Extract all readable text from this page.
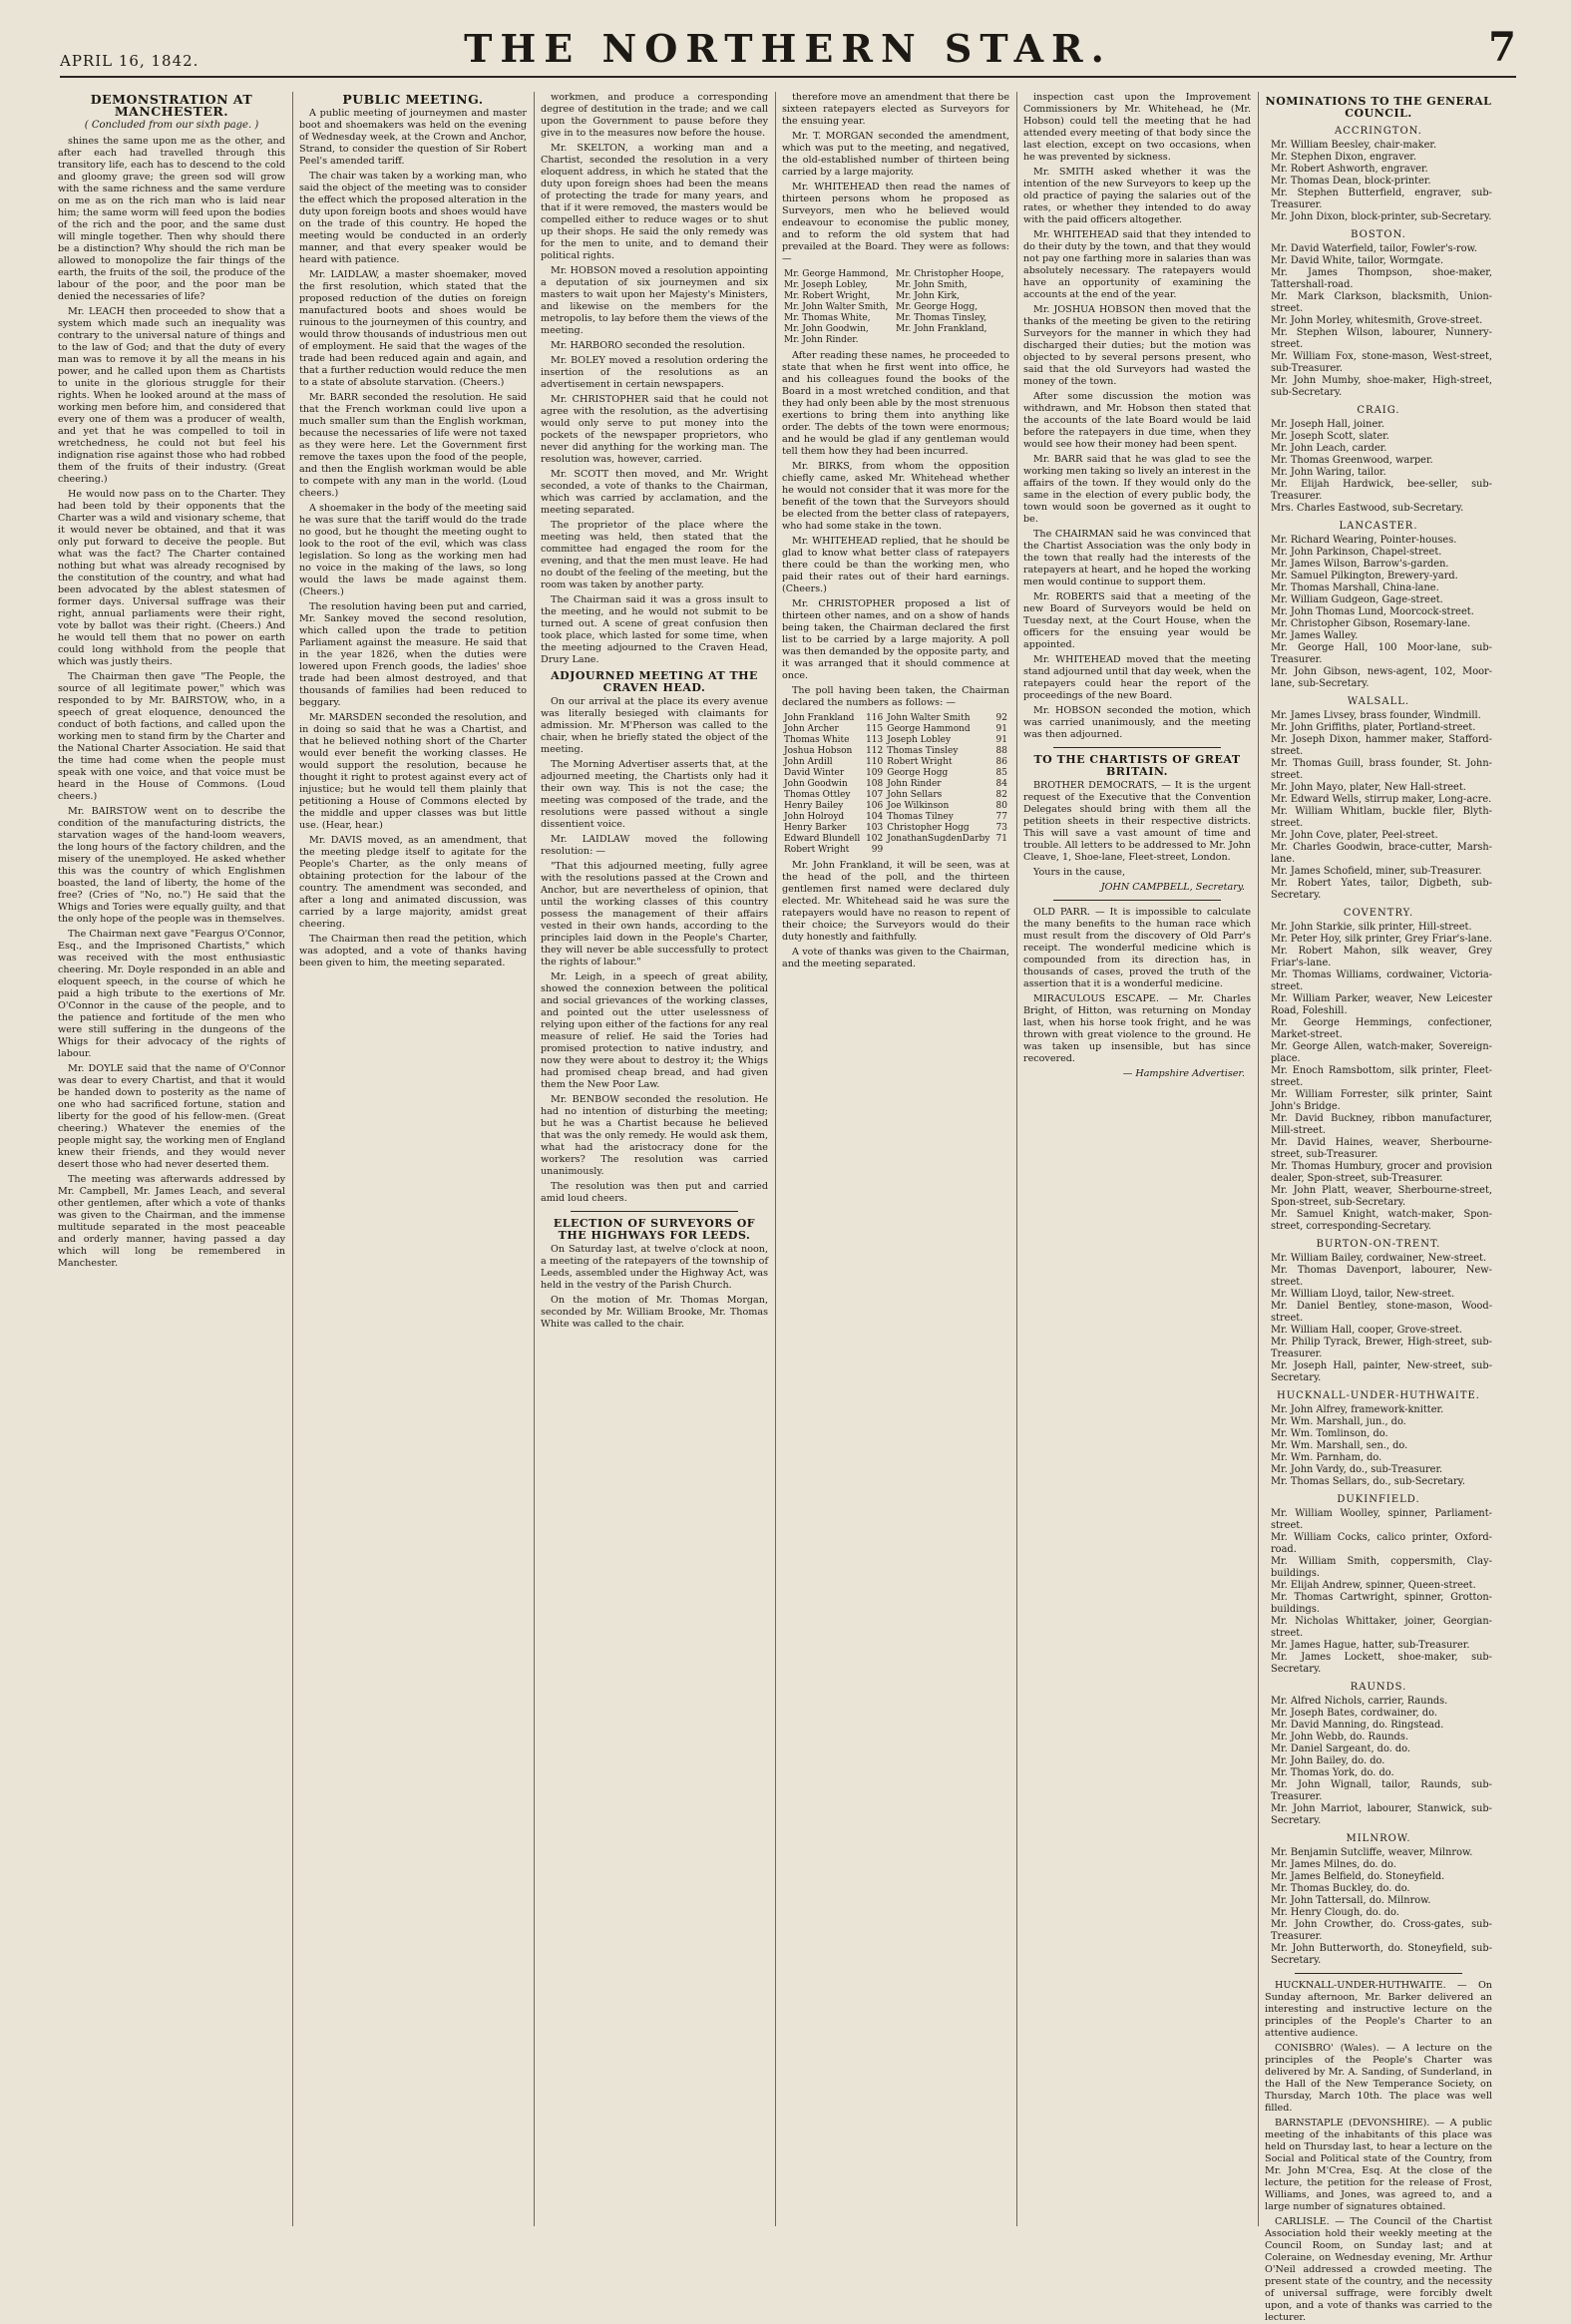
APRIL 16, 1842.	THE NORTHERN STAR.	7
DEMONSTRATION AT MANCHESTER.
( Concluded from our sixth page. )

shines the same upon me as the other, and after each had travelled through this transitory life, each has to descend to the cold and gloomy grave; the green sod will grow with the same richness and the same verdure on me as on the rich man who is laid near him; the same worm will feed upon the bodies of the rich and the poor, and the same dust will mingle together. Then why should there be a distinction? Why should the rich man be allowed to monopolize the fair things of the earth, the fruits of the soil, the produce of the labour of the poor, and the poor man be denied the necessaries of life?

Mr. LEACH then proceeded to show that a system which made such an inequality was contrary to the universal nature of things and to the law of God; and that the duty of every man was to remove it by all the means in his power, and he called upon them as Chartists to unite in the glorious struggle for their rights. When he looked around at the mass of working men before him, and considered that every one of them was a producer of wealth, and yet that he was compelled to toil in wretchedness, he could not but feel his indignation rise against those who had robbed them of the fruits of their industry. (Great cheering.)

He would now pass on to the Charter. They had been told by their opponents that the Charter was a wild and visionary scheme, that it would never be obtained, and that it was only put forward to deceive the people. But what was the fact? The Charter contained nothing but what was already recognised by the constitution of the country, and what had been advocated by the ablest statesmen of former days. Universal suffrage was their right, annual parliaments were their right, vote by ballot was their right. (Cheers.) And he would tell them that no power on earth could long withhold from the people that which was justly theirs.

The Chairman then gave "The People, the source of all legitimate power," which was responded to by Mr. BAIRSTOW, who, in a speech of great eloquence, denounced the conduct of both factions, and called upon the working men to stand firm by the Charter and the National Charter Association. He said that the time had come when the people must speak with one voice, and that voice must be heard in the House of Commons. (Loud cheers.)

Mr. BAIRSTOW went on to describe the condition of the manufacturing districts, the starvation wages of the hand-loom weavers, the long hours of the factory children, and the misery of the unemployed. He asked whether this was the country of which Englishmen boasted, the land of liberty, the home of the free? (Cries of "No, no.") He said that the Whigs and Tories were equally guilty, and that the only hope of the people was in themselves.

The Chairman next gave "Feargus O'Connor, Esq., and the Imprisoned Chartists," which was received with the most enthusiastic cheering. Mr. Doyle responded in an able and eloquent speech, in the course of which he paid a high tribute to the exertions of Mr. O'Connor in the cause of the people, and to the patience and fortitude of the men who were still suffering in the dungeons of the Whigs for their advocacy of the rights of labour.

Mr. DOYLE said that the name of O'Connor was dear to every Chartist, and that it would be handed down to posterity as the name of one who had sacrificed fortune, station and liberty for the good of his fellow-men. (Great cheering.) Whatever the enemies of the people might say, the working men of England knew their friends, and they would never desert those who had never deserted them.

The meeting was afterwards addressed by Mr. Campbell, Mr. James Leach, and several other gentlemen, after which a vote of thanks was given to the Chairman, and the immense multitude separated in the most peaceable and orderly manner, having passed a day which will long be remembered in Manchester.

PUBLIC MEETING.

A public meeting of journeymen and master boot and shoemakers was held on the evening of Wednesday week, at the Crown and Anchor, Strand, to consider the question of Sir Robert Peel's amended tariff.

The chair was taken by a working man, who said the object of the meeting was to consider the effect which the proposed alteration in the duty upon foreign boots and shoes would have on the trade of this country. He hoped the meeting would be conducted in an orderly manner, and that every speaker would be heard with patience.

Mr. LAIDLAW, a master shoemaker, moved the first resolution, which stated that the proposed reduction of the duties on foreign manufactured boots and shoes would be ruinous to the journeymen of this country, and would throw thousands of industrious men out of employment. He said that the wages of the trade had been reduced again and again, and that a further reduction would reduce the men to a state of absolute starvation. (Cheers.)

Mr. BARR seconded the resolution. He said that the French workman could live upon a much smaller sum than the English workman, because the necessaries of life were not taxed as they were here. Let the Government first remove the taxes upon the food of the people, and then the English workman would be able to compete with any man in the world. (Loud cheers.)

A shoemaker in the body of the meeting said he was sure that the tariff would do the trade no good, but he thought the meeting ought to look to the root of the evil, which was class legislation. So long as the working men had no voice in the making of the laws, so long would the laws be made against them. (Cheers.)

The resolution having been put and carried, Mr. Sankey moved the second resolution, which called upon the trade to petition Parliament against the measure. He said that in the year 1826, when the duties were lowered upon French goods, the ladies' shoe trade had been almost destroyed, and that thousands of families had been reduced to beggary.

Mr. MARSDEN seconded the resolution, and in doing so said that he was a Chartist, and that he believed nothing short of the Charter would ever benefit the working classes. He would support the resolution, because he thought it right to protest against every act of injustice; but he would tell them plainly that petitioning a House of Commons elected by the middle and upper classes was but little use. (Hear, hear.)

Mr. DAVIS moved, as an amendment, that the meeting pledge itself to agitate for the People's Charter, as the only means of obtaining protection for the labour of the country. The amendment was seconded, and after a long and animated discussion, was carried by a large majority, amidst great cheering.

The Chairman then read the petition, which was adopted, and a vote of thanks having been given to him, the meeting separated.

workmen, and produce a corresponding degree of destitution in the trade; and we call upon the Government to pause before they give in to the measures now before the house.

Mr. SKELTON, a working man and a Chartist, seconded the resolution in a very eloquent address, in which he stated that the duty upon foreign shoes had been the means of protecting the trade for many years, and that if it were removed, the masters would be compelled either to reduce wages or to shut up their shops. He said the only remedy was for the men to unite, and to demand their political rights.

Mr. HOBSON moved a resolution appointing a deputation of six journeymen and six masters to wait upon her Majesty's Ministers, and likewise on the members for the metropolis, to lay before them the views of the meeting.

Mr. HARBORO seconded the resolution.

Mr. BOLEY moved a resolution ordering the insertion of the resolutions as an advertisement in certain newspapers.

Mr. CHRISTOPHER said that he could not agree with the resolution, as the advertising would only serve to put money into the pockets of the newspaper proprietors, who never did anything for the working man. The resolution was, however, carried.

Mr. SCOTT then moved, and Mr. Wright seconded, a vote of thanks to the Chairman, which was carried by acclamation, and the meeting separated.

The proprietor of the place where the meeting was held, then stated that the committee had engaged the room for the evening, and that the men must leave. He had no doubt of the feeling of the meeting, but the room was taken by another party.

The Chairman said it was a gross insult to the meeting, and he would not submit to be turned out. A scene of great confusion then took place, which lasted for some time, when the meeting adjourned to the Craven Head, Drury Lane.

ADJOURNED MEETING AT THE CRAVEN HEAD.

On our arrival at the place its every avenue was literally besieged with claimants for admission. Mr. M'Pherson was called to the chair, when he briefly stated the object of the meeting.

The Morning Advertiser asserts that, at the adjourned meeting, the Chartists only had it their own way. This is not the case; the meeting was composed of the trade, and the resolutions were passed without a single dissentient voice.

Mr. LAIDLAW moved the following resolution: —

"That this adjourned meeting, fully agree with the resolutions passed at the Crown and Anchor, but are nevertheless of opinion, that until the working classes of this country possess the management of their affairs vested in their own hands, according to the principles laid down in the People's Charter, they will never be able successfully to protect the rights of labour."

Mr. Leigh, in a speech of great ability, showed the connexion between the political and social grievances of the working classes, and pointed out the utter uselessness of relying upon either of the factions for any real measure of relief. He said the Tories had promised protection to native industry, and now they were about to destroy it; the Whigs had promised cheap bread, and had given them the New Poor Law.

Mr. BENBOW seconded the resolution. He had no intention of disturbing the meeting; but he was a Chartist because he believed that was the only remedy. He would ask them, what had the aristocracy done for the workers? The resolution was carried unanimously.

The resolution was then put and carried amid loud cheers.

ELECTION OF SURVEYORS OF THE HIGHWAYS FOR LEEDS.

On Saturday last, at twelve o'clock at noon, a meeting of the ratepayers of the township of Leeds, assembled under the Highway Act, was held in the vestry of the Parish Church.

On the motion of Mr. Thomas Morgan, seconded by Mr. William Brooke, Mr. Thomas White was called to the chair.

therefore move an amendment that there be sixteen ratepayers elected as Surveyors for the ensuing year.

Mr. T. MORGAN seconded the amendment, which was put to the meeting, and negatived, the old-established number of thirteen being carried by a large majority.

Mr. WHITEHEAD then read the names of thirteen persons whom he proposed as Surveyors, men who he believed would endeavour to economise the public money, and to reform the old system that had prevailed at the Board. They were as follows: —

Mr. George Hammond,	Mr. Christopher Hoope,
Mr. Joseph Lobley,	Mr. John Smith,
Mr. Robert Wright,	Mr. John Kirk,
Mr. John Walter Smith,	Mr. George Hogg,
Mr. Thomas White,	Mr. Thomas Tinsley,
Mr. John Goodwin,	Mr. John Frankland,
Mr. John Rinder.	

After reading these names, he proceeded to state that when he first went into office, he and his colleagues found the books of the Board in a most wretched condition, and that they had only been able by the most strenuous exertions to bring them into anything like order. The debts of the town were enormous; and he would be glad if any gentleman would tell them how they had been incurred.

Mr. BIRKS, from whom the opposition chiefly came, asked Mr. Whitehead whether he would not consider that it was more for the benefit of the town that the Surveyors should be elected from the better class of ratepayers, who had some stake in the town.

Mr. WHITEHEAD replied, that he should be glad to know what better class of ratepayers there could be than the working men, who paid their rates out of their hard earnings. (Cheers.)

Mr. CHRISTOPHER proposed a list of thirteen other names, and on a show of hands being taken, the Chairman declared the first list to be carried by a large majority. A poll was then demanded by the opposite party, and it was arranged that it should commence at once.

The poll having been taken, the Chairman declared the numbers as follows: —

John Frankland	116	John Walter Smith	92
John Archer	115	George Hammond	91
Thomas White	113	Joseph Lobley	91
Joshua Hobson	112	Thomas Tinsley	88
John Ardill	110	Robert Wright	86
David Winter	109	George Hogg	85
John Goodwin	108	John Rinder	84
Thomas Ottley	107	John Sellars	82
Henry Bailey	106	Joe Wilkinson	80
John Holroyd	104	Thomas Tilney	77
Henry Barker	103	Christopher Hogg	73
Edward Blundell	102	JonathanSugdenDarby	71
Robert Wright	99		

Mr. John Frankland, it will be seen, was at the head of the poll, and the thirteen gentlemen first named were declared duly elected. Mr. Whitehead said he was sure the ratepayers would have no reason to repent of their choice; the Surveyors would do their duty honestly and faithfully.

A vote of thanks was given to the Chairman, and the meeting separated.

inspection cast upon the Improvement Commissioners by Mr. Whitehead, he (Mr. Hobson) could tell the meeting that he had attended every meeting of that body since the last election, except on two occasions, when he was prevented by sickness.

Mr. SMITH asked whether it was the intention of the new Surveyors to keep up the old practice of paying the salaries out of the rates, or whether they intended to do away with the paid officers altogether.

Mr. WHITEHEAD said that they intended to do their duty by the town, and that they would not pay one farthing more in salaries than was absolutely necessary. The ratepayers would have an opportunity of examining the accounts at the end of the year.

Mr. JOSHUA HOBSON then moved that the thanks of the meeting be given to the retiring Surveyors for the manner in which they had discharged their duties; but the motion was objected to by several persons present, who said that the old Surveyors had wasted the money of the town.

After some discussion the motion was withdrawn, and Mr. Hobson then stated that the accounts of the late Board would be laid before the ratepayers in due time, when they would see how their money had been spent.

Mr. BARR said that he was glad to see the working men taking so lively an interest in the affairs of the town. If they would only do the same in the election of every public body, the town would soon be governed as it ought to be.

The CHAIRMAN said he was convinced that the Chartist Association was the only body in the town that really had the interests of the ratepayers at heart, and he hoped the working men would continue to support them.

Mr. ROBERTS said that a meeting of the new Board of Surveyors would be held on Tuesday next, at the Court House, when the officers for the ensuing year would be appointed.

Mr. WHITEHEAD moved that the meeting stand adjourned until that day week, when the ratepayers could hear the report of the proceedings of the new Board.

Mr. HOBSON seconded the motion, which was carried unanimously, and the meeting was then adjourned.

TO THE CHARTISTS OF GREAT BRITAIN.

BROTHER DEMOCRATS, — It is the urgent request of the Executive that the Convention Delegates should bring with them all the petition sheets in their respective districts. This will save a vast amount of time and trouble. All letters to be addressed to Mr. John Cleave, 1, Shoe-lane, Fleet-street, London.

Yours in the cause,

JOHN CAMPBELL, Secretary.

OLD PARR. — It is impossible to calculate the many benefits to the human race which must result from the discovery of Old Parr's receipt. The wonderful medicine which is compounded from its direction has, in thousands of cases, proved the truth of the assertion that it is a wonderful medicine.

MIRACULOUS ESCAPE. — Mr. Charles Bright, of Hitton, was returning on Monday last, when his horse took fright, and he was thrown with great violence to the ground. He was taken up insensible, but has since recovered.

— Hampshire Advertiser.

NOMINATIONS TO THE GENERAL COUNCIL.
ACCRINGTON.

Mr. William Beesley, chair-maker.

Mr. Stephen Dixon, engraver.

Mr. Robert Ashworth, engraver.

Mr. Thomas Dean, block-printer.

Mr. Stephen Butterfield, engraver, sub-Treasurer.

Mr. John Dixon, block-printer, sub-Secretary.

BOSTON.

Mr. David Waterfield, tailor, Fowler's-row.

Mr. David White, tailor, Wormgate.

Mr. James Thompson, shoe-maker, Tattershall-road.

Mr. Mark Clarkson, blacksmith, Union-street.

Mr. John Morley, whitesmith, Grove-street.

Mr. Stephen Wilson, labourer, Nunnery-street.

Mr. William Fox, stone-mason, West-street, sub-Treasurer.

Mr. John Mumby, shoe-maker, High-street, sub-Secretary.

CRAIG.

Mr. Joseph Hall, joiner.

Mr. Joseph Scott, slater.

Mr. John Leach, carder.

Mr. Thomas Greenwood, warper.

Mr. John Waring, tailor.

Mr. Elijah Hardwick, bee-seller, sub-Treasurer.

Mrs. Charles Eastwood, sub-Secretary.

LANCASTER.

Mr. Richard Wearing, Pointer-houses.

Mr. John Parkinson, Chapel-street.

Mr. James Wilson, Barrow's-garden.

Mr. Samuel Pilkington, Brewery-yard.

Mr. Thomas Marshall, China-lane.

Mr. William Gudgeon, Gage-street.

Mr. John Thomas Lund, Moorcock-street.

Mr. Christopher Gibson, Rosemary-lane.

Mr. James Walley.

Mr. George Hall, 100 Moor-lane, sub-Treasurer.

Mr. John Gibson, news-agent, 102, Moor-lane, sub-Secretary.

WALSALL.

Mr. James Livsey, brass founder, Windmill.

Mr. John Griffiths, plater, Portland-street.

Mr. Joseph Dixon, hammer maker, Stafford-street.

Mr. Thomas Guill, brass founder, St. John-street.

Mr. John Mayo, plater, New Hall-street.

Mr. Edward Wells, stirrup maker, Long-acre.

Mr. William Whitlam, buckle filer, Blyth-street.

Mr. John Cove, plater, Peel-street.

Mr. Charles Goodwin, brace-cutter, Marsh-lane.

Mr. James Schofield, miner, sub-Treasurer.

Mr. Robert Yates, tailor, Digbeth, sub-Secretary.

COVENTRY.

Mr. John Starkie, silk printer, Hill-street.

Mr. Peter Hoy, silk printer, Grey Friar's-lane.

Mr. Robert Mahon, silk weaver, Grey Friar's-lane.

Mr. Thomas Williams, cordwainer, Victoria-street.

Mr. William Parker, weaver, New Leicester Road, Foleshill.

Mr. George Hemmings, confectioner, Market-street.

Mr. George Allen, watch-maker, Sovereign-place.

Mr. Enoch Ramsbottom, silk printer, Fleet-street.

Mr. William Forrester, silk printer, Saint John's Bridge.

Mr. David Buckney, ribbon manufacturer, Mill-street.

Mr. David Haines, weaver, Sherbourne-street, sub-Treasurer.

Mr. Thomas Humbury, grocer and provision dealer, Spon-street, sub-Treasurer.

Mr. John Platt, weaver, Sherbourne-street, Spon-street, sub-Secretary.

Mr. Samuel Knight, watch-maker, Spon-street, corresponding-Secretary.

BURTON-ON-TRENT.

Mr. William Bailey, cordwainer, New-street.

Mr. Thomas Davenport, labourer, New-street.

Mr. William Lloyd, tailor, New-street.

Mr. Daniel Bentley, stone-mason, Wood-street.

Mr. William Hall, cooper, Grove-street.

Mr. Philip Tyrack, Brewer, High-street, sub-Treasurer.

Mr. Joseph Hall, painter, New-street, sub-Secretary.

HUCKNALL-UNDER-HUTHWAITE.

Mr. John Alfrey, framework-knitter.

Mr. Wm. Marshall, jun., do.

Mr. Wm. Tomlinson, do.

Mr. Wm. Marshall, sen., do.

Mr. Wm. Parnham, do.

Mr. John Vardy, do., sub-Treasurer.

Mr. Thomas Sellars, do., sub-Secretary.

DUKINFIELD.

Mr. William Woolley, spinner, Parliament-street.

Mr. William Cocks, calico printer, Oxford-road.

Mr. William Smith, coppersmith, Clay-buildings.

Mr. Elijah Andrew, spinner, Queen-street.

Mr. Thomas Cartwright, spinner, Grotton-buildings.

Mr. Nicholas Whittaker, joiner, Georgian-street.

Mr. James Hague, hatter, sub-Treasurer.

Mr. James Lockett, shoe-maker, sub-Secretary.

RAUNDS.

Mr. Alfred Nichols, carrier, Raunds.

Mr. Joseph Bates, cordwainer, do.

Mr. David Manning, do. Ringstead.

Mr. John Webb, do. Raunds.

Mr. Daniel Sargeant, do. do.

Mr. John Bailey, do. do.

Mr. Thomas York, do. do.

Mr. John Wignall, tailor, Raunds, sub-Treasurer.

Mr. John Marriot, labourer, Stanwick, sub-Secretary.

MILNROW.

Mr. Benjamin Sutcliffe, weaver, Milnrow.

Mr. James Milnes, do. do.

Mr. James Belfield, do. Stoneyfield.

Mr. Thomas Buckley, do. do.

Mr. John Tattersall, do. Milnrow.

Mr. Henry Clough, do. do.

Mr. John Crowther, do. Cross-gates, sub-Treasurer.

Mr. John Butterworth, do. Stoneyfield, sub-Secretary.

HUCKNALL-UNDER-HUTHWAITE. — On Sunday afternoon, Mr. Barker delivered an interesting and instructive lecture on the principles of the People's Charter to an attentive audience.

CONISBRO' (Wales). — A lecture on the principles of the People's Charter was delivered by Mr. A. Sanding, of Sunderland, in the Hall of the New Temperance Society, on Thursday, March 10th. The place was well filled.

BARNSTAPLE (DEVONSHIRE). — A public meeting of the inhabitants of this place was held on Thursday last, to hear a lecture on the Social and Political state of the Country, from Mr. John M'Crea, Esq. At the close of the lecture, the petition for the release of Frost, Williams, and Jones, was agreed to, and a large number of signatures obtained.

CARLISLE. — The Council of the Chartist Association hold their weekly meeting at the Council Room, on Sunday last; and at Coleraine, on Wednesday evening, Mr. Arthur O'Neil addressed a crowded meeting. The present state of the country, and the necessity of universal suffrage, were forcibly dwelt upon, and a vote of thanks was carried to the lecturer.
